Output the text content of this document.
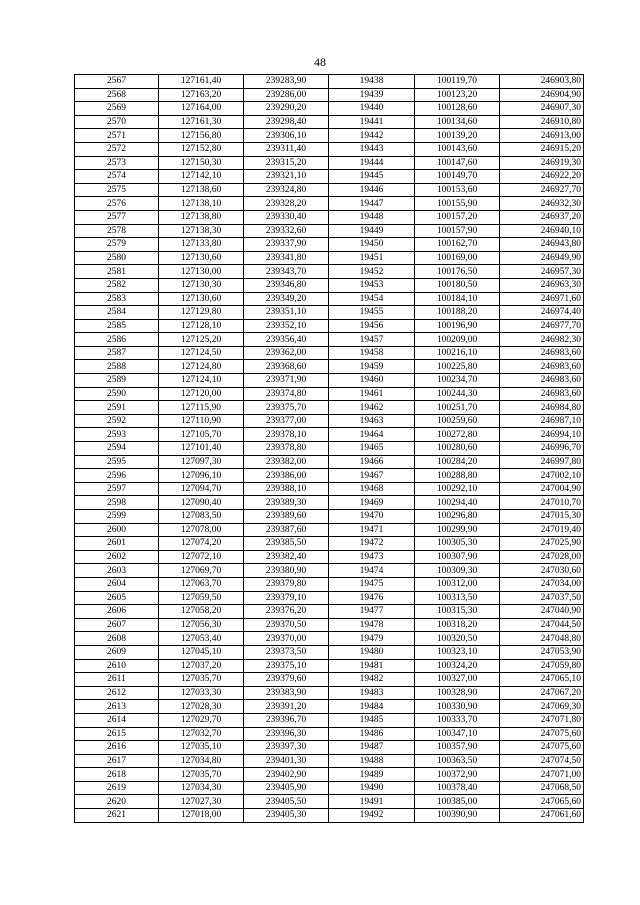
48
2567	127161,40	239283,90	19438	100119,70	246903,80
2568	127163,20	239286,00	19439	100123,20	246904,90
2569	127164,00	239290,20	19440	100128,60	246907,30
2570	127161,30	239298,40	19441	100134,60	246910,80
2571	127156,80	239306,10	19442	100139,20	246913,00
2572	127152,80	239311,40	19443	100143,60	246915,20
2573	127150,30	239315,20	19444	100147,60	246919,30
2574	127142,10	239321,10	19445	100149,70	246922,20
2575	127138,60	239324,80	19446	100153,60	246927,70
2576	127138,10	239328,20	19447	100155,90	246932,30
2577	127138,80	239330,40	19448	100157,20	246937,20
2578	127138,30	239332,60	19449	100157,90	246940,10
2579	127133,80	239337,90	19450	100162,70	246943,80
2580	127130,60	239341,80	19451	100169,00	246949,90
2581	127130,00	239343,70	19452	100176,50	246957,30
2582	127130,30	239346,80	19453	100180,50	246963,30
2583	127130,60	239349,20	19454	100184,10	246971,60
2584	127129,80	239351,10	19455	100188,20	246974,40
2585	127128,10	239352,10	19456	100196,90	246977,70
2586	127125,20	239356,40	19457	100209,00	246982,30
2587	127124,50	239362,00	19458	100216,10	246983,60
2588	127124,80	239368,60	19459	100225,80	246983,60
2589	127124,10	239371,90	19460	100234,70	246983,60
2590	127120,00	239374,80	19461	100244,30	246983,60
2591	127115,90	239375,70	19462	100251,70	246984,80
2592	127110,90	239377,00	19463	100259,60	246987,10
2593	127105,70	239378,10	19464	100272,80	246994,10
2594	127101,40	239378,80	19465	100280,60	246996,70
2595	127097,30	239382,00	19466	100284,20	246997,80
2596	127096,10	239386,00	19467	100288,80	247002,10
2597	127094,70	239388,10	19468	100292,10	247004,90
2598	127090,40	239389,30	19469	100294,40	247010,70
2599	127083,50	239389,60	19470	100296,80	247015,30
2600	127078,00	239387,60	19471	100299,90	247019,40
2601	127074,20	239385,50	19472	100305,30	247025,90
2602	127072,10	239382,40	19473	100307,90	247028,00
2603	127069,70	239380,90	19474	100309,30	247030,60
2604	127063,70	239379,80	19475	100312,00	247034,00
2605	127059,50	239379,10	19476	100313,50	247037,50
2606	127058,20	239376,20	19477	100315,30	247040,90
2607	127056,30	239370,50	19478	100318,20	247044,50
2608	127053,40	239370,00	19479	100320,50	247048,80
2609	127045,10	239373,50	19480	100323,10	247053,90
2610	127037,20	239375,10	19481	100324,20	247059,80
2611	127035,70	239379,60	19482	100327,00	247065,10
2612	127033,30	239383,90	19483	100328,90	247067,20
2613	127028,30	239391,20	19484	100330,90	247069,30
2614	127029,70	239396,70	19485	100333,70	247071,80
2615	127032,70	239396,30	19486	100347,10	247075,60
2616	127035,10	239397,30	19487	100357,90	247075,60
2617	127034,80	239401,30	19488	100363,50	247074,50
2618	127035,70	239402,90	19489	100372,90	247071,00
2619	127034,30	239405,90	19490	100378,40	247068,50
2620	127027,30	239405,50	19491	100385,00	247065,60
2621	127018,00	239405,30	19492	100390,90	247061,60
